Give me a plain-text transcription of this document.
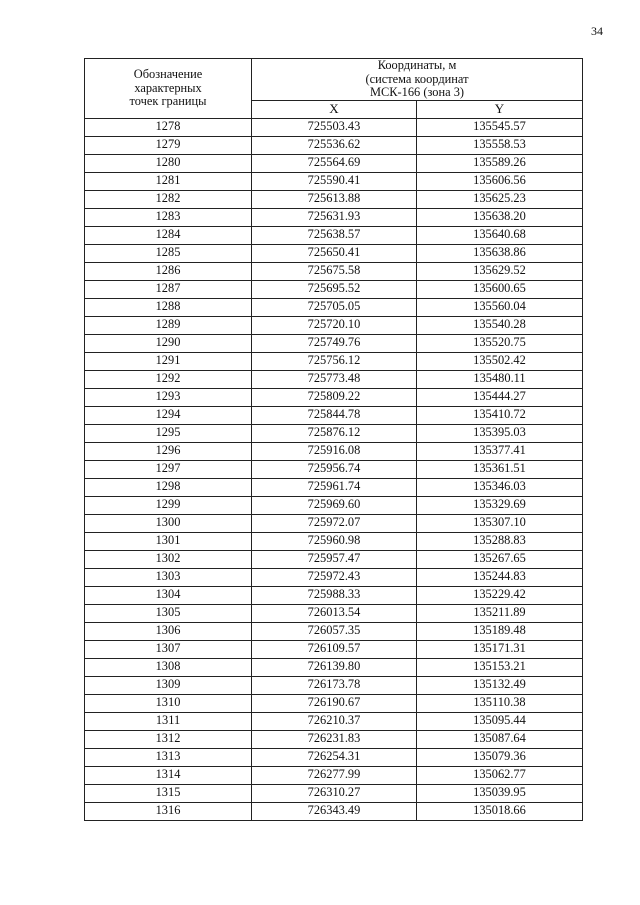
34
Обозначение
характерных
точек границы	Координаты, м
(система координат
МСК-166 (зона 3)	

	X	Y
1278	725503.43	135545.57
1279	725536.62	135558.53
1280	725564.69	135589.26
1281	725590.41	135606.56
1282	725613.88	135625.23
1283	725631.93	135638.20
1284	725638.57	135640.68
1285	725650.41	135638.86
1286	725675.58	135629.52
1287	725695.52	135600.65
1288	725705.05	135560.04
1289	725720.10	135540.28
1290	725749.76	135520.75
1291	725756.12	135502.42
1292	725773.48	135480.11
1293	725809.22	135444.27
1294	725844.78	135410.72
1295	725876.12	135395.03
1296	725916.08	135377.41
1297	725956.74	135361.51
1298	725961.74	135346.03
1299	725969.60	135329.69
1300	725972.07	135307.10
1301	725960.98	135288.83
1302	725957.47	135267.65
1303	725972.43	135244.83
1304	725988.33	135229.42
1305	726013.54	135211.89
1306	726057.35	135189.48
1307	726109.57	135171.31
1308	726139.80	135153.21
1309	726173.78	135132.49
1310	726190.67	135110.38
1311	726210.37	135095.44
1312	726231.83	135087.64
1313	726254.31	135079.36
1314	726277.99	135062.77
1315	726310.27	135039.95
1316	726343.49	135018.66
